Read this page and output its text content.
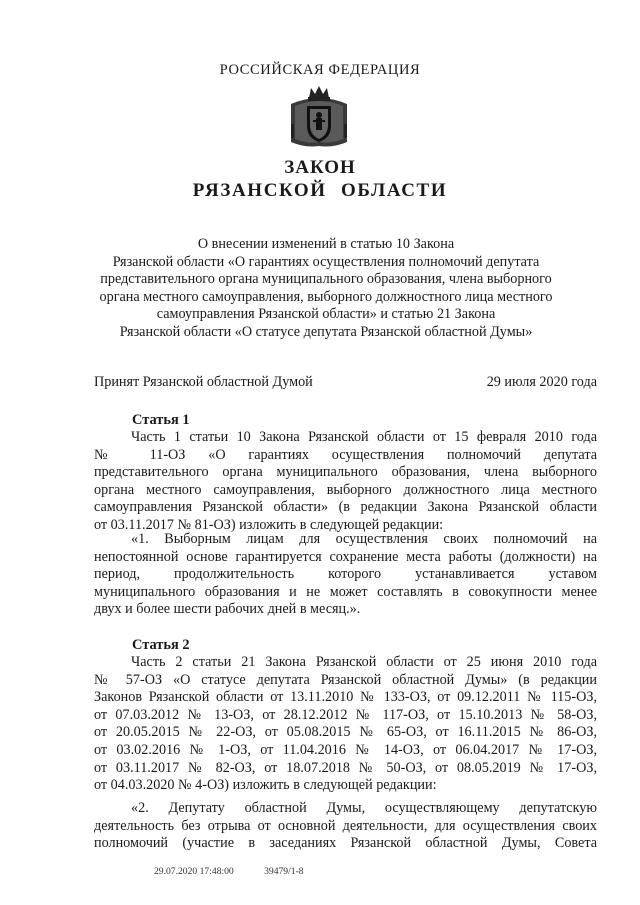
РОССИЙСКАЯ ФЕДЕРАЦИЯ
ЗАКОН
РЯЗАНСКОЙ ОБЛАСТИ
О внесении изменений в статью 10 Закона
Рязанской области «О гарантиях осуществления полномочий депутата
представительного органа муниципального образования, члена выборного
органа местного самоуправления, выборного должностного лица местного
самоуправления Рязанской области» и статью 21 Закона
Рязанской области «О статусе депутата Рязанской областной Думы»
Принят Рязанской областной Думой	29 июля 2020 года
Статья 1
Часть 1 статьи 10 Закона Рязанской области от 15 февраля 2010 года
№ 11-ОЗ «О гарантиях осуществления полномочий депутата
представительного органа муниципального образования, члена выборного
органа местного самоуправления, выборного должностного лица местного
самоуправления Рязанской области» (в редакции Закона Рязанской области
от 03.11.2017 № 81-ОЗ) изложить в следующей редакции:
«1. Выборным лицам для осуществления своих полномочий на
непостоянной основе гарантируется сохранение места работы (должности) на
период, продолжительность которого устанавливается уставом
муниципального образования и не может составлять в совокупности менее
двух и более шести рабочих дней в месяц.».
Статья 2
Часть 2 статьи 21 Закона Рязанской области от 25 июня 2010 года
№ 57-ОЗ «О статусе депутата Рязанской областной Думы» (в редакции
Законов Рязанской области от 13.11.2010 № 133-ОЗ, от 09.12.2011 № 115-ОЗ,
от 07.03.2012 № 13-ОЗ, от 28.12.2012 № 117-ОЗ, от 15.10.2013 № 58-ОЗ,
от 20.05.2015 № 22-ОЗ, от 05.08.2015 № 65-ОЗ, от 16.11.2015 № 86-ОЗ,
от 03.02.2016 № 1-ОЗ, от 11.04.2016 № 14-ОЗ, от 06.04.2017 № 17-ОЗ,
от 03.11.2017 № 82-ОЗ, от 18.07.2018 № 50-ОЗ, от 08.05.2019 № 17-ОЗ,
от 04.03.2020 № 4-ОЗ) изложить в следующей редакции:
«2. Депутату областной Думы, осуществляющему депутатскую
деятельность без отрыва от основной деятельности, для осуществления своих
полномочий (участие в заседаниях Рязанской областной Думы, Совета
29.07.2020 17:48:00	39479/1-8
